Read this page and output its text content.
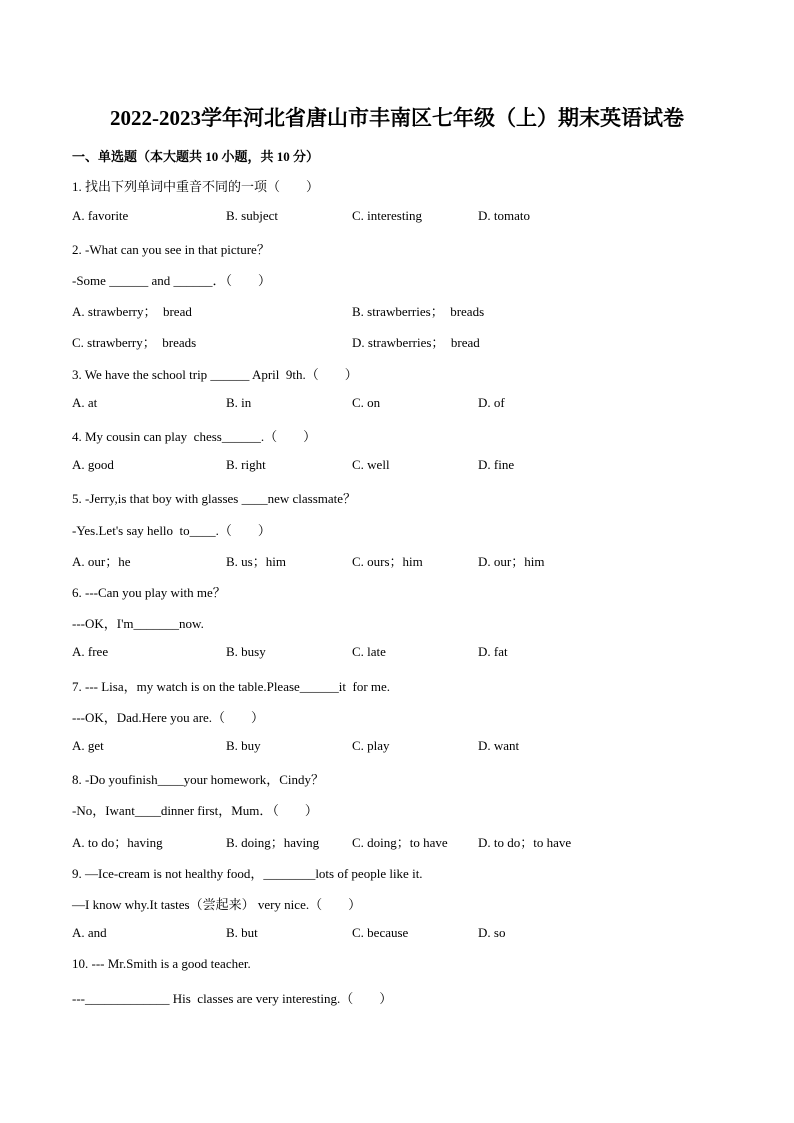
2022-2023学年河北省唐山市丰南区七年级（上）期末英语试卷
一、单选题（本大题共 10 小题，共 10 分）
1. 找出下列单词中重音不同的一项（　　）
A. favorite	B. subject	C. interesting	D. tomato
2. -What can you see in that picture？
-Some ______ and ______．（　　）
A. strawberry；  bread	B. strawberries；  breads
C. strawberry；  breads	D. strawberries；  bread
3. We have the school trip ______ April  9th.（　　）
A. at	B. in	C. on	D. of
4. My cousin can play  chess______.（　　）
A. good	B. right	C. well	D. fine
5. -Jerry,is that boy with glasses ____new classmate？
-Yes.Let's say hello  to____.（　　）
A. our；he	B. us；him	C. ours；him	D. our；him
6. ---Can you play with me？
---OK，I'm_______now.
A. free	B. busy	C. late	D. fat
7. --- Lisa，my watch is on the table.Please______it  for me.
---OK，Dad.Here you are.（　　）
A. get	B. buy	C. play	D. want
8. -Do youfinish____your homework，Cindy？
-No，Iwant____dinner first，Mum．（　　）
A. to do；having	B. doing；having	C. doing；to have D. to do；to have
9. —Ice-cream is not healthy food，________lots of people like it.
—I know why.It tastes（尝起来） very nice.（　　）
A. and	B. but	C. because	D. so
10. --- Mr.Smith is a good teacher.
---_____________ His  classes are very interesting.（　　）
